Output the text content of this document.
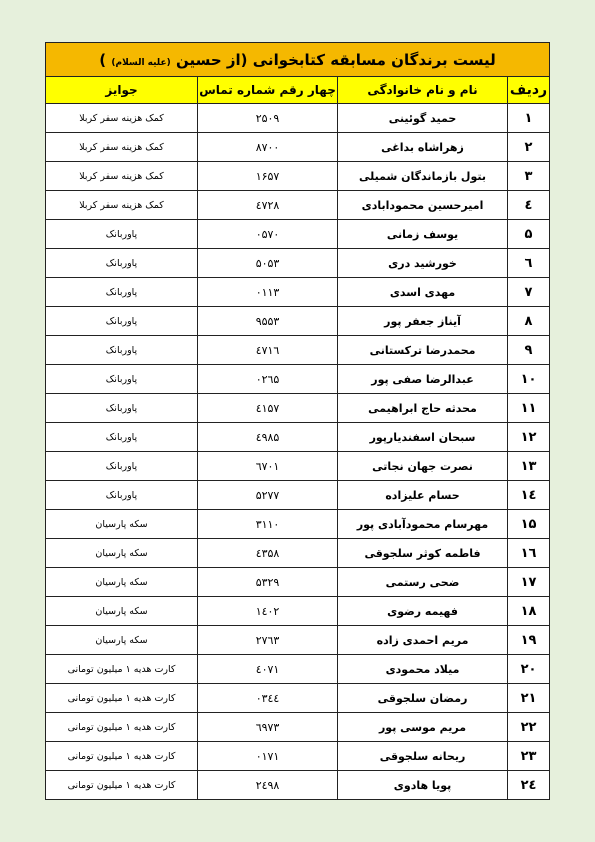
لیست برندگان مسابقه کتابخوانی (از حسین (علیه السلام) )			
ردیف	نام و نام خانوادگی	چهار رقم شماره تماس	جوایز
۱	حمید گوئینی	۲۵۰۹	کمک هزینه سفر کربلا
۲	زهراشاه بداغی	۸۷۰۰	کمک هزینه سفر کربلا
۳	بتول بازماندگان شمیلی	۱۶۵۷	کمک هزینه سفر کربلا
٤	امیرحسین محمودابادی	٤۷۲۸	کمک هزینه سفر کربلا
۵	یوسف زمانی	۰۵۷۰	پاوربانک
٦	خورشید دری	۵۰۵۳	پاوربانک
۷	مهدی اسدی	۰۱۱۳	پاوربانک
۸	آیناز جعفر پور	۹۵۵۳	پاوربانک
۹	محمدرضا ترکستانی	٤۷۱٦	پاوربانک
۱۰	عبدالرضا صفی پور	۰۲٦۵	پاوربانک
۱۱	محدثه حاج ابراهیمی	٤۱۵۷	پاوربانک
۱۲	سبحان اسفندیارپور	٤۹۸۵	پاوربانک
۱۳	نصرت جهان نجاتی	٦۷۰۱	پاوربانک
۱٤	حسام علیزاده	۵۲۷۷	پاوربانک
۱۵	مهرسام محمودآبادی پور	۳۱۱۰	سکه پارسیان
۱٦	فاطمه کوثر سلجوقی	٤۳۵۸	سکه پارسیان
۱۷	ضحی رستمی	۵۳۲۹	سکه پارسیان
۱۸	فهیمه رضوی	۱٤۰۲	سکه پارسیان
۱۹	مریم احمدی زاده	۲۷٦۳	سکه پارسیان
۲۰	میلاد محمودی	٤۰۷۱	کارت هدیه ۱ میلیون تومانی
۲۱	رمضان سلجوقی	۰۳٤٤	کارت هدیه ۱ میلیون تومانی
۲۲	مریم موسی پور	٦۹۷۳	کارت هدیه ۱ میلیون تومانی
۲۳	ریحانه سلجوقی	۰۱۷۱	کارت هدیه ۱ میلیون تومانی
۲٤	پویا هادوی	۲٤۹۸	کارت هدیه ۱ میلیون تومانی
